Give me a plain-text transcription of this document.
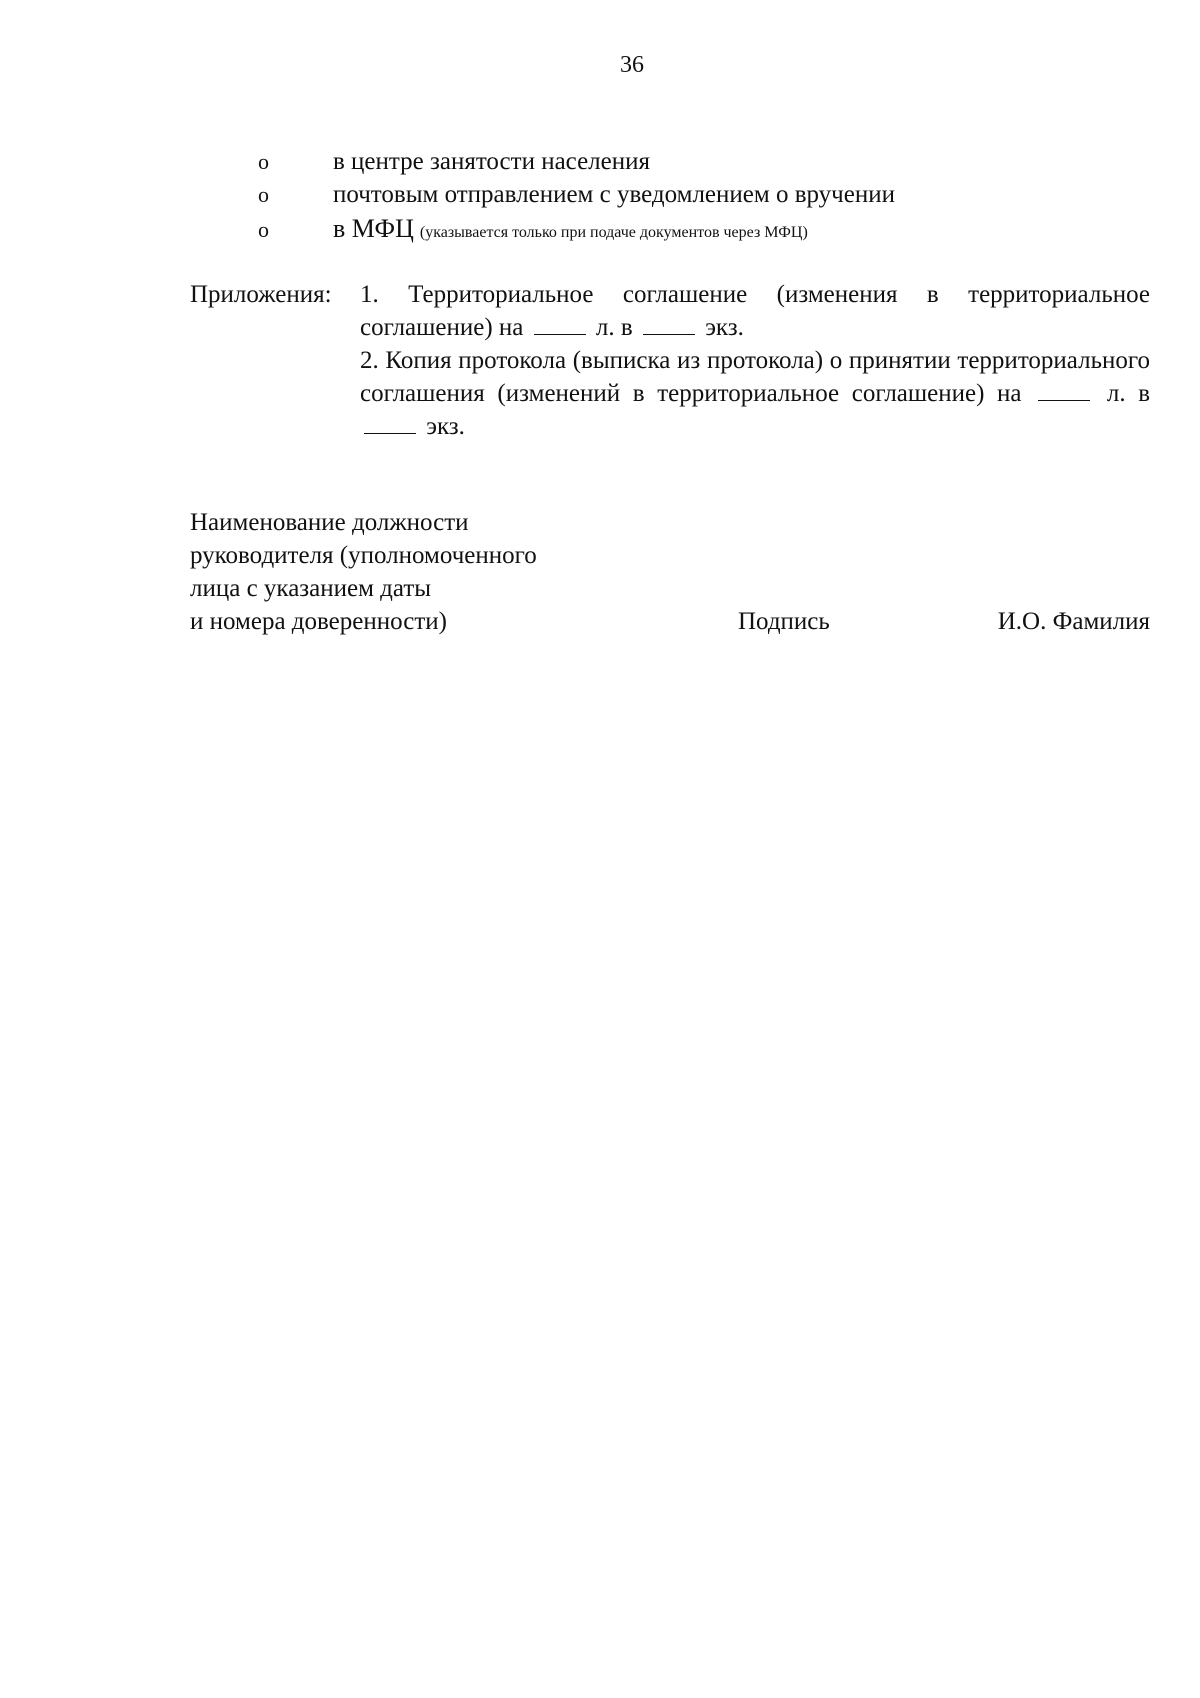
36
o	в центре занятости населения
o	почтовым отправлением с уведомлением о вручении
o	в МФЦ (указывается только при подаче документов через МФЦ)
Приложения: 1. Территориальное соглашение (изменения в территориальное соглашение) на	л. в	экз.
2. Копия протокола (выписка из протокола) о принятии территориального соглашения (изменений в территориальное соглашение) на	л. в  экз.
Наименование должности
руководителя (уполномоченного
лица с указанием даты
и номера доверенности)	Подпись	И.О. Фамилия
